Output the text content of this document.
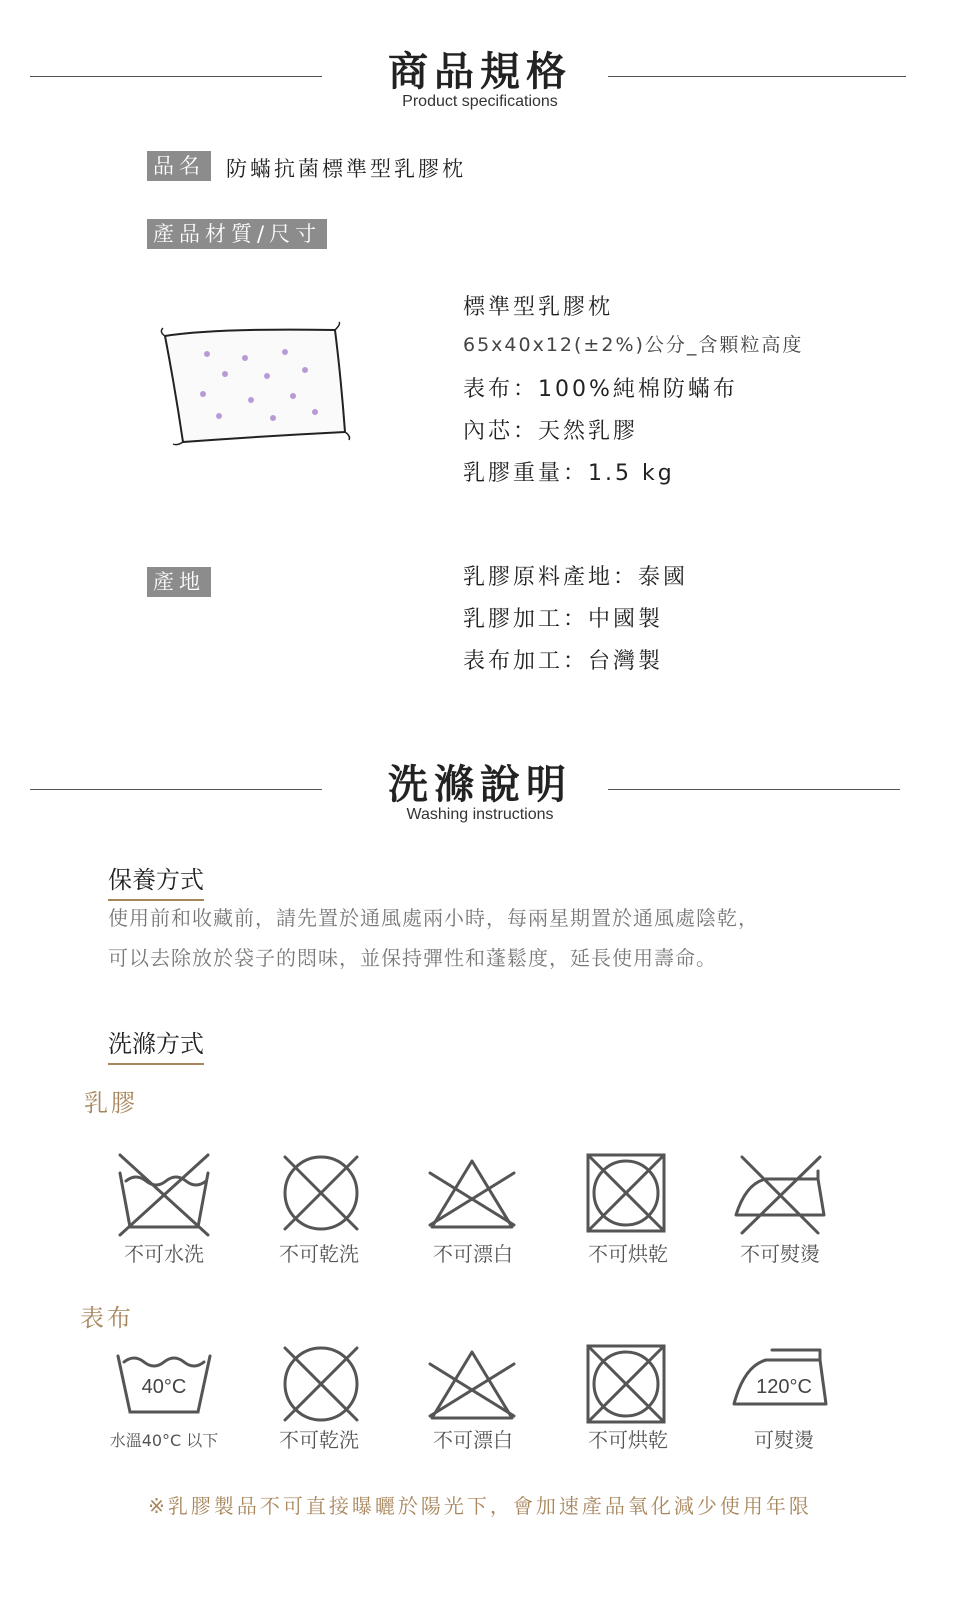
商品規格
Product specifications
品名 防蟎抗菌標準型乳膠枕
產品材質/尺寸
標準型乳膠枕
65x40x12(±2%)公分_含顆粒高度
表布：100%純棉防蟎布
內芯：天然乳膠
乳膠重量：1.5 kg
產地	乳膠原料產地：泰國
乳膠加工：中國製
表布加工：台灣製
洗滌說明
Washing instructions
保養方式
使用前和收藏前，請先置於通風處兩小時，每兩星期置於通風處陰乾，
可以去除放於袋子的悶味，並保持彈性和蓬鬆度，延長使用壽命。
洗滌方式
乳膠
不可水洗	不可乾洗	不可漂白	不可烘乾	不可熨燙
表布
40°C	120°C
水溫40°C 以下	不可乾洗	不可漂白	不可烘乾	可熨燙
※乳膠製品不可直接曝曬於陽光下，會加速產品氧化減少使用年限
